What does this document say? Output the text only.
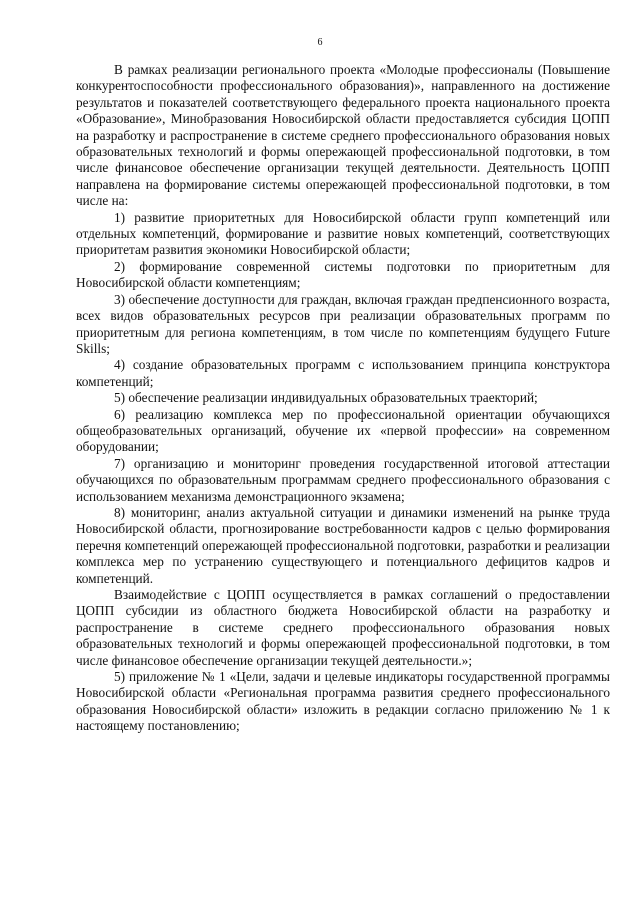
6

В рамках реализации регионального проекта «Молодые профессионалы (Повышение конкурентоспособности профессионального образования)», направленного на достижение результатов и показателей соответствующего федерального проекта национального проекта «Образование», Минобразования Новосибирской области предоставляется субсидия ЦОПП на разработку и распространение в системе среднего профессионального образования новых образовательных технологий и формы опережающей профессиональной подготовки, в том числе финансовое обеспечение организации текущей деятельности. Деятельность ЦОПП направлена на формирование системы опережающей профессиональной подготовки, в том числе на:

1) развитие приоритетных для Новосибирской области групп компетенций или отдельных компетенций, формирование и развитие новых компетенций, соответствующих приоритетам развития экономики Новосибирской области;

2) формирование современной системы подготовки по приоритетным для Новосибирской области компетенциям;

3) обеспечение доступности для граждан, включая граждан предпенсионного возраста, всех видов образовательных ресурсов при реализации образовательных программ по приоритетным для региона компетенциям, в том числе по компетенциям будущего Future Skills;

4) создание образовательных программ с использованием принципа конструктора компетенций;

5) обеспечение реализации индивидуальных образовательных траекторий;

6) реализацию комплекса мер по профессиональной ориентации обучающихся общеобразовательных организаций, обучение их «первой профессии» на современном оборудовании;

7) организацию и мониторинг проведения государственной итоговой аттестации обучающихся по образовательным программам среднего профессионального образования с использованием механизма демонстрационного экзамена;

8) мониторинг, анализ актуальной ситуации и динамики изменений на рынке труда Новосибирской области, прогнозирование востребованности кадров с целью формирования перечня компетенций опережающей профессиональной подготовки, разработки и реализации комплекса мер по устранению существующего и потенциального дефицитов кадров и компетенций.

Взаимодействие с ЦОПП осуществляется в рамках соглашений о предоставлении ЦОПП субсидии из областного бюджета Новосибирской области на разработку и распространение в системе среднего профессионального образования новых образовательных технологий и формы опережающей профессиональной подготовки, в том числе финансовое обеспечение организации текущей деятельности.»;

5) приложение № 1 «Цели, задачи и целевые индикаторы государственной программы Новосибирской области «Региональная программа развития среднего профессионального образования Новосибирской области» изложить в редакции согласно приложению № 1 к настоящему постановлению;
